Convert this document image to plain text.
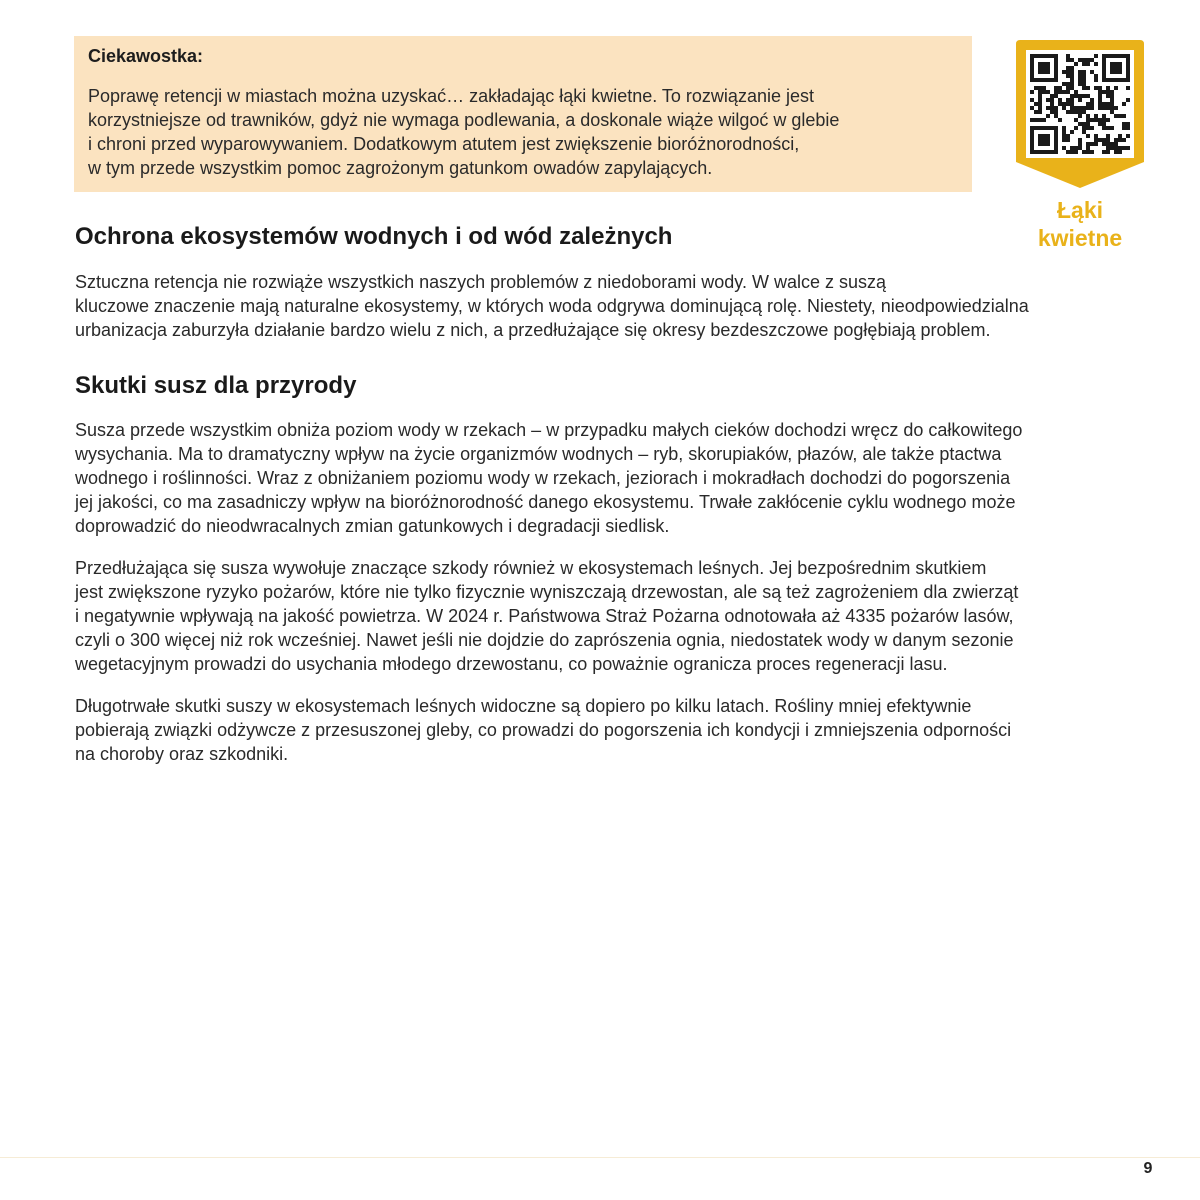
Ciekawostka:

Poprawę retencji w miastach można uzyskać… zakładając łąki kwietne. To rozwiązanie jest
korzystniejsze od trawników, gdyż nie wymaga podlewania, a doskonale wiąże wilgoć w glebie
i chroni przed wyparowywaniem. Dodatkowym atutem jest zwiększenie bioróżnorodności,
w tym przede wszystkim pomoc zagrożonym gatunkom owadów zapylających.

Łąki
kwietne
Ochrona ekosystemów wodnych i od wód zależnych

Sztuczna retencja nie rozwiąże wszystkich naszych problemów z niedoborami wody. W walce z suszą
kluczowe znaczenie mają naturalne ekosystemy, w których woda odgrywa dominującą rolę. Niestety, nieodpowiedzialna
urbanizacja zaburzyła działanie bardzo wielu z nich, a przedłużające się okresy bezdeszczowe pogłębiają problem.

Skutki susz dla przyrody

Susza przede wszystkim obniża poziom wody w rzekach – w przypadku małych cieków dochodzi wręcz do całkowitego
wysychania. Ma to dramatyczny wpływ na życie organizmów wodnych – ryb, skorupiaków, płazów, ale także ptactwa
wodnego i roślinności. Wraz z obniżaniem poziomu wody w rzekach, jeziorach i mokradłach dochodzi do pogorszenia
jej jakości, co ma zasadniczy wpływ na bioróżnorodność danego ekosystemu. Trwałe zakłócenie cyklu wodnego może
doprowadzić do nieodwracalnych zmian gatunkowych i degradacji siedlisk.

Przedłużająca się susza wywołuje znaczące szkody również w ekosystemach leśnych. Jej bezpośrednim skutkiem
jest zwiększone ryzyko pożarów, które nie tylko fizycznie wyniszczają drzewostan, ale są też zagrożeniem dla zwierząt
i negatywnie wpływają na jakość powietrza. W 2024 r. Państwowa Straż Pożarna odnotowała aż 4335 pożarów lasów,
czyli o 300 więcej niż rok wcześniej. Nawet jeśli nie dojdzie do zaprószenia ognia, niedostatek wody w danym sezonie
wegetacyjnym prowadzi do usychania młodego drzewostanu, co poważnie ogranicza proces regeneracji lasu.

Długotrwałe skutki suszy w ekosystemach leśnych widoczne są dopiero po kilku latach. Rośliny mniej efektywnie
pobierają związki odżywcze z przesuszonej gleby, co prowadzi do pogorszenia ich kondycji i zmniejszenia odporności
na choroby oraz szkodniki.

9
